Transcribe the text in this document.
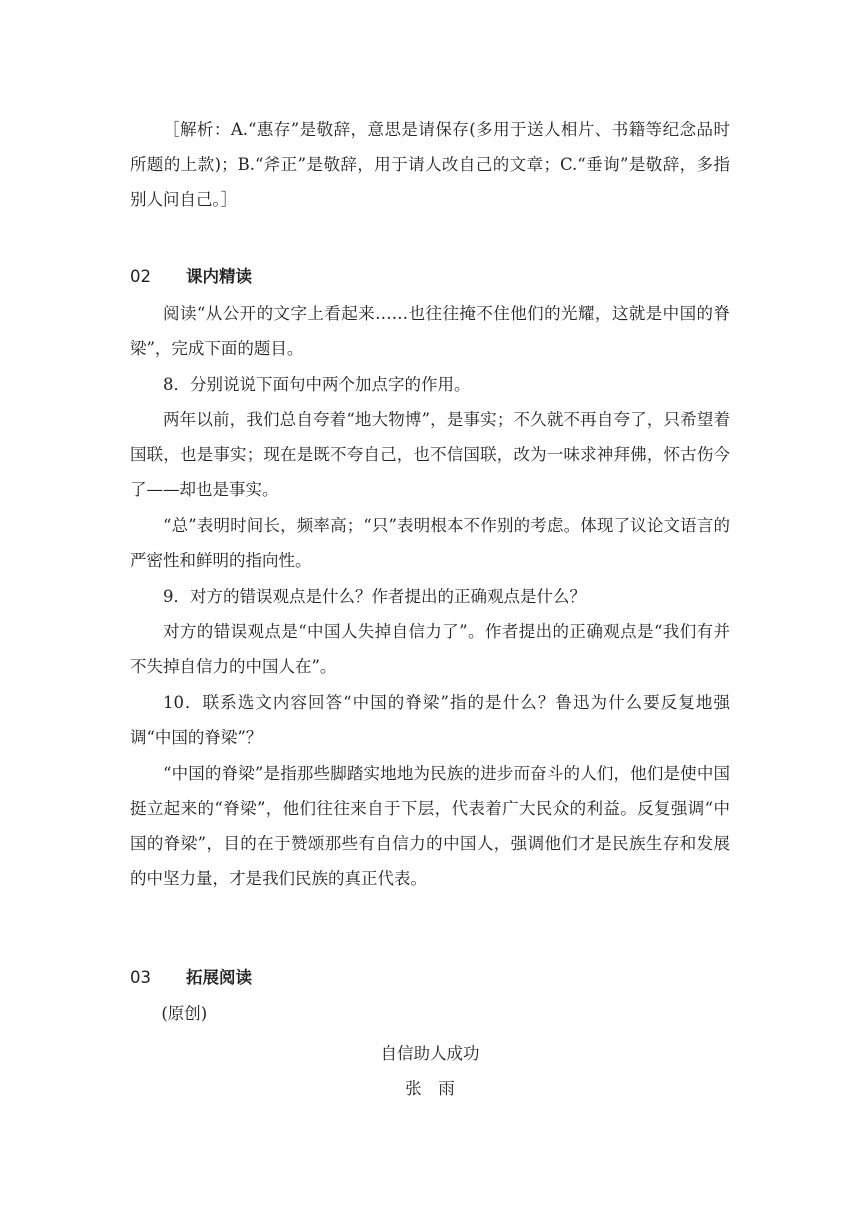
［解析：A.“惠存”是敬辞，意思是请保存(多用于送人相片、书籍等纪念品时所题的上款)；B.“斧正”是敬辞，用于请人改自己的文章；C.“垂询”是敬辞，多指别人问自己。］

02 课内精读

阅读“从公开的文字上看起来……也往往掩不住他们的光耀，这就是中国的脊梁”，完成下面的题目。

8．分别说说下面句中两个加点字的作用。

两年以前，我们总自夸着“地大物博”，是事实；不久就不再自夸了，只希望着国联，也是事实；现在是既不夸自己，也不信国联，改为一味求神拜佛，怀古伤今了——却也是事实。

“总”表明时间长，频率高；“只”表明根本不作别的考虑。体现了议论文语言的严密性和鲜明的指向性。

9．对方的错误观点是什么？作者提出的正确观点是什么？

对方的错误观点是“中国人失掉自信力了”。作者提出的正确观点是“我们有并不失掉自信力的中国人在”。

10．联系选文内容回答“中国的脊梁”指的是什么？鲁迅为什么要反复地强调“中国的脊梁”？

“中国的脊梁”是指那些脚踏实地地为民族的进步而奋斗的人们，他们是使中国挺立起来的“脊梁”，他们往往来自于下层，代表着广大民众的利益。反复强调“中国的脊梁”，目的在于赞颂那些有自信力的中国人，强调他们才是民族生存和发展的中坚力量，才是我们民族的真正代表。

03 拓展阅读

(原创)

自信助人成功

张　雨
